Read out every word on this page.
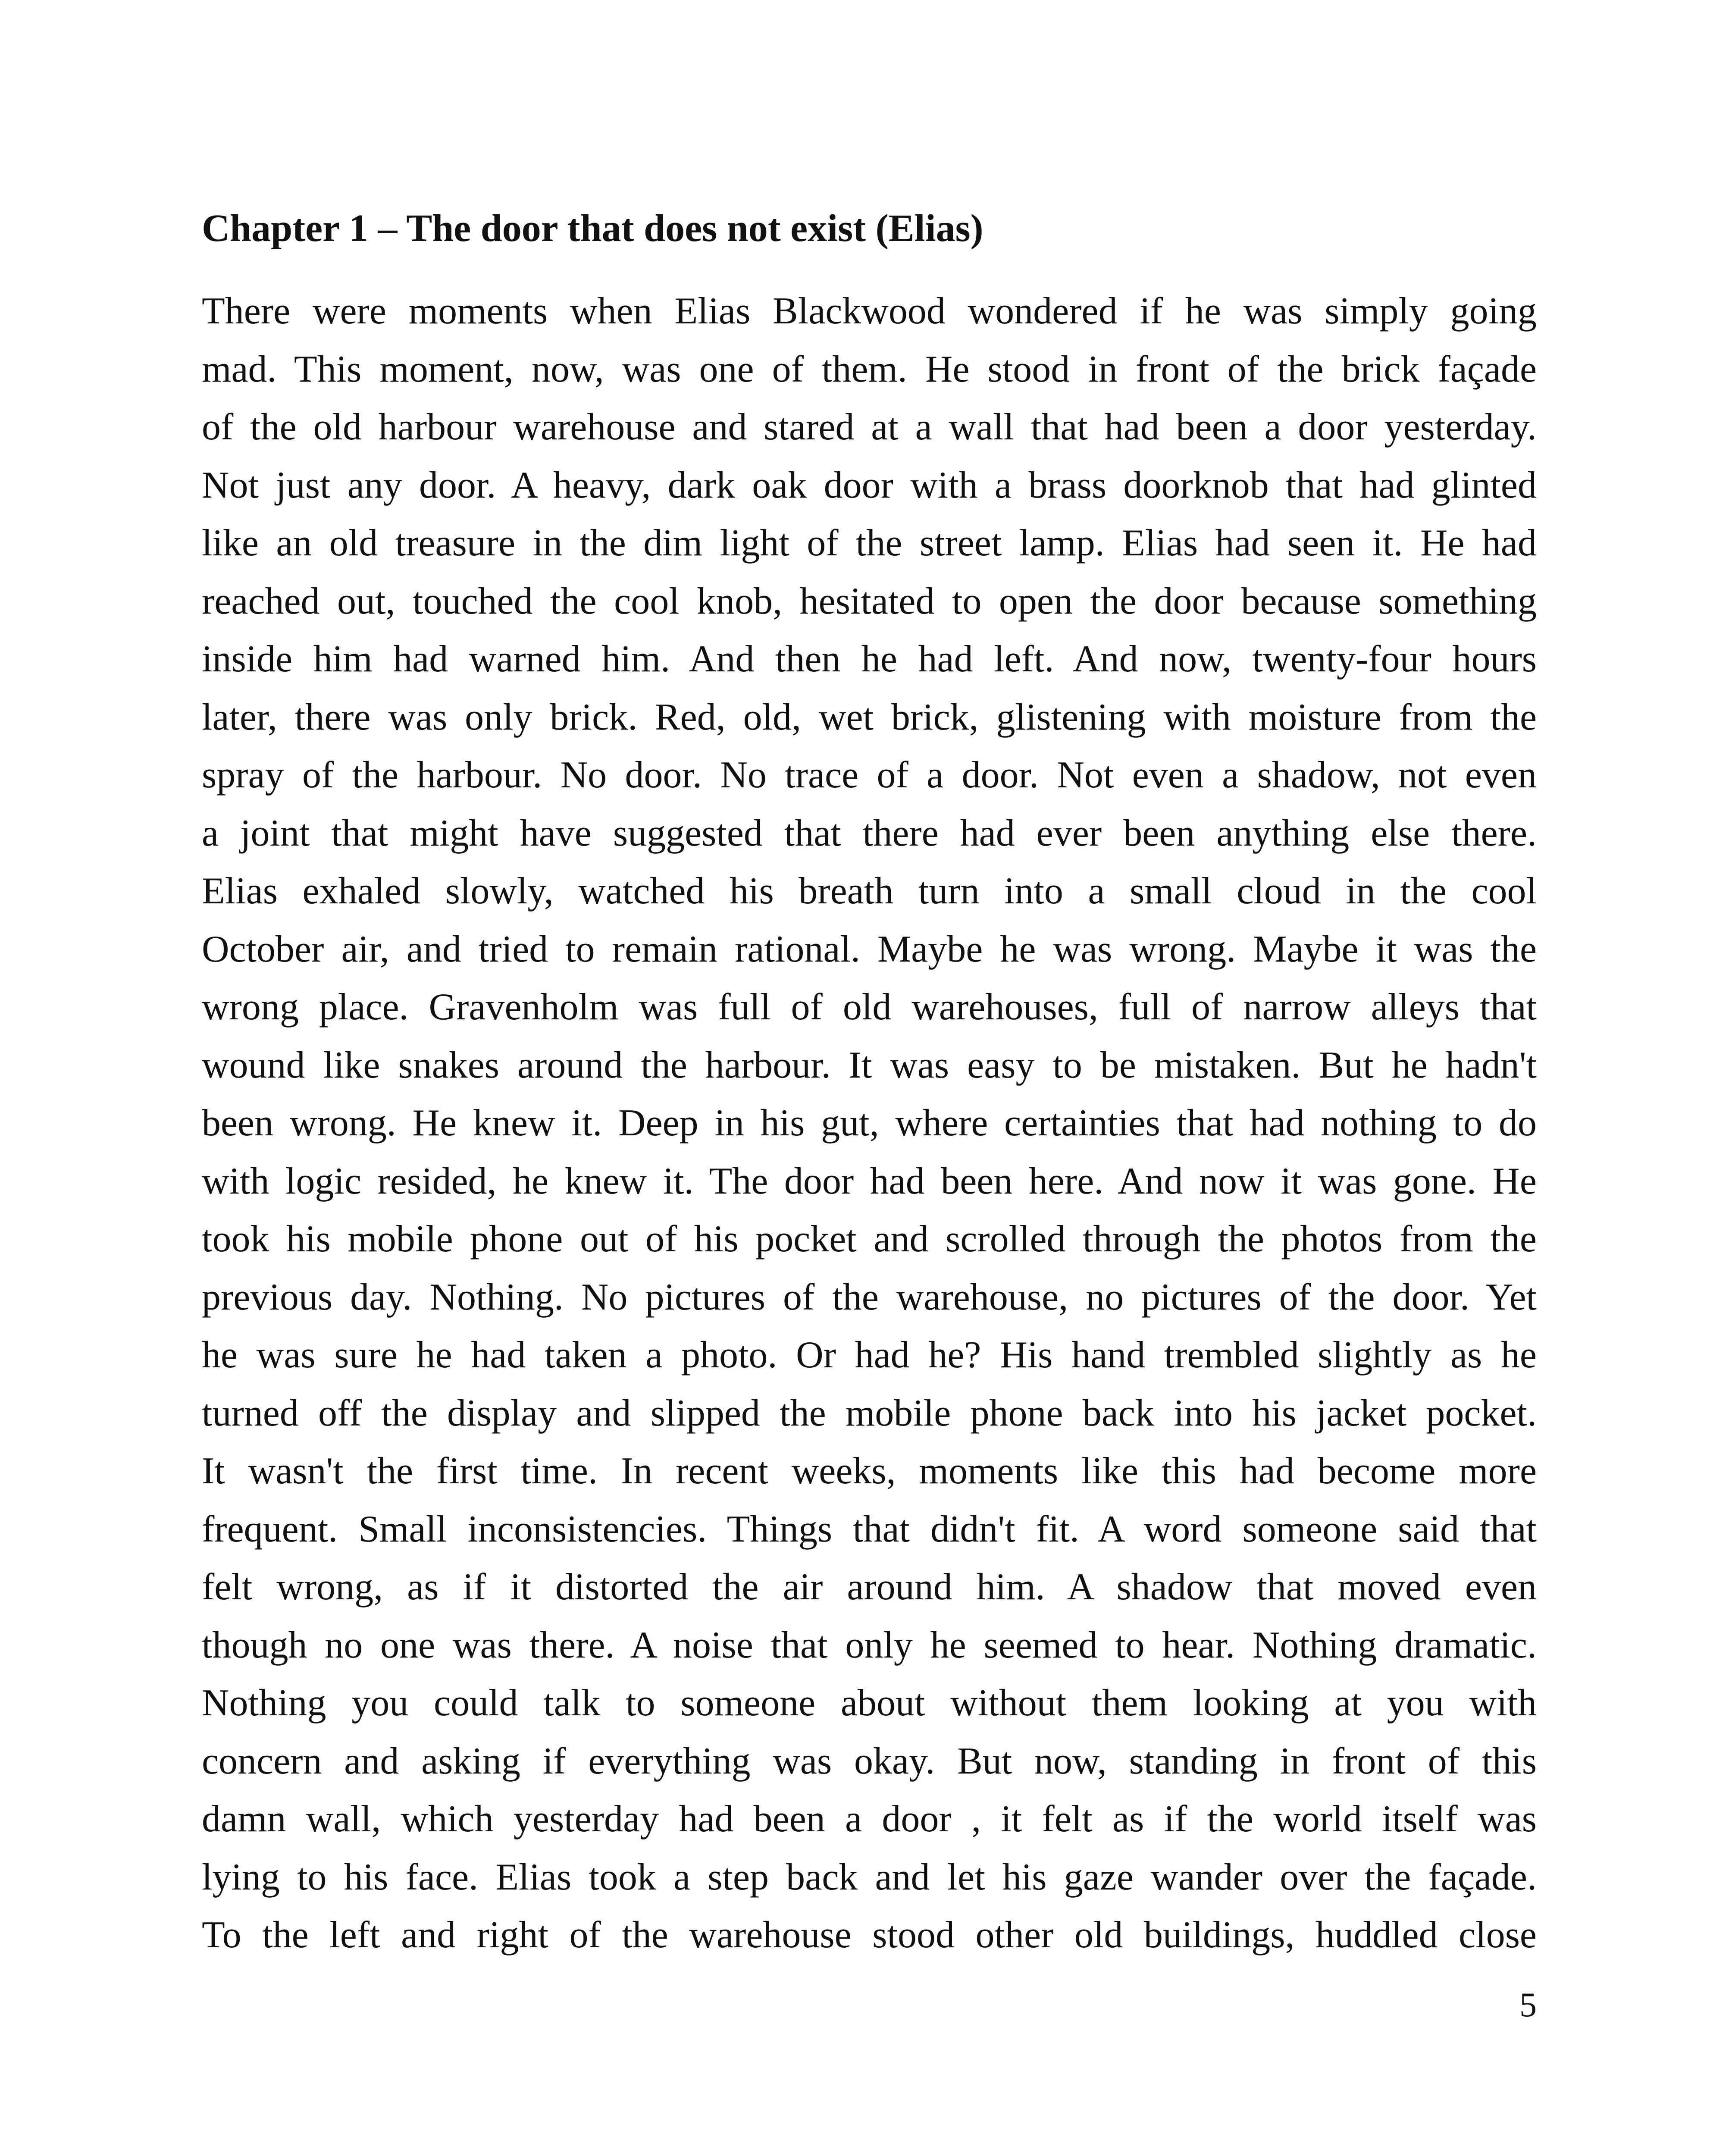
Chapter 1 – The door that does not exist (Elias)
There were moments when Elias Blackwood wondered if he was simply going
mad. This moment, now, was one of them. He stood in front of the brick façade
of the old harbour warehouse and stared at a wall that had been a door yesterday.
Not just any door. A heavy, dark oak door with a brass doorknob that had glinted
like an old treasure in the dim light of the street lamp. Elias had seen it. He had
reached out, touched the cool knob, hesitated to open the door because something
inside him had warned him. And then he had left. And now, twenty-four hours
later, there was only brick. Red, old, wet brick, glistening with moisture from the
spray of the harbour. No door. No trace of a door. Not even a shadow, not even
a joint that might have suggested that there had ever been anything else there.
Elias exhaled slowly, watched his breath turn into a small cloud in the cool
October air, and tried to remain rational. Maybe he was wrong. Maybe it was the
wrong place. Gravenholm was full of old warehouses, full of narrow alleys that
wound like snakes around the harbour. It was easy to be mistaken. But he hadn't
been wrong. He knew it. Deep in his gut, where certainties that had nothing to do
with logic resided, he knew it. The door had been here. And now it was gone. He
took his mobile phone out of his pocket and scrolled through the photos from the
previous day. Nothing. No pictures of the warehouse, no pictures of the door. Yet
he was sure he had taken a photo. Or had he? His hand trembled slightly as he
turned off the display and slipped the mobile phone back into his jacket pocket.
It wasn't the first time. In recent weeks, moments like this had become more
frequent. Small inconsistencies. Things that didn't fit. A word someone said that
felt wrong, as if it distorted the air around him. A shadow that moved even
though no one was there. A noise that only he seemed to hear. Nothing dramatic.
Nothing you could talk to someone about without them looking at you with
concern and asking if everything was okay. But now, standing in front of this
damn wall, which yesterday had been a door , it felt as if the world itself was
lying to his face. Elias took a step back and let his gaze wander over the façade.
To the left and right of the warehouse stood other old buildings, huddled close
5
